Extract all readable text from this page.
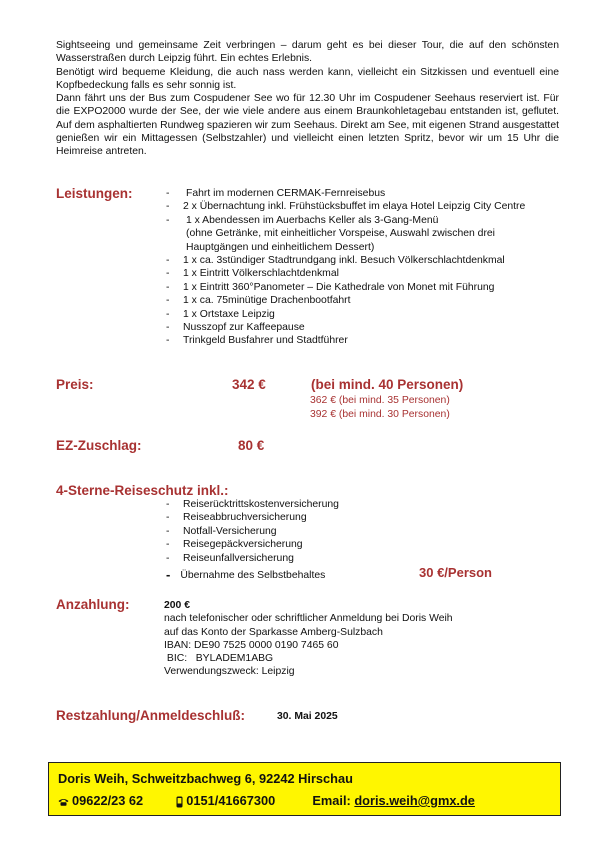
Sightseeing und gemeinsame Zeit verbringen – darum geht es bei dieser Tour, die auf den schönsten Wasserstraßen durch Leipzig führt. Ein echtes Erlebnis.

Benötigt wird bequeme Kleidung, die auch nass werden kann, vielleicht ein Sitzkissen und eventuell eine Kopfbedeckung falls es sehr sonnig ist.

Dann fährt uns der Bus zum Cospudener See wo für 12.30 Uhr im Cospudener Seehaus reserviert ist. Für die EXPO2000 wurde der See, der wie viele andere aus einem Braunkohletagebau entstanden ist, geflutet. Auf dem asphaltierten Rundweg spazieren wir zum Seehaus. Direkt am See, mit eigenen Strand ausgestattet genießen wir ein Mittagessen (Selbstzahler) und vielleicht einen letzten Spritz, bevor wir um 15 Uhr die Heimreise antreten.

Leistungen:	- Fahrt im modernen CERMAK-Fernreisebus
- 2 x Übernachtung inkl. Frühstücksbuffet im elaya Hotel Leipzig City Centre
- 1 x Abendessen im Auerbachs Keller als 3-Gang-Menü
(ohne Getränke, mit einheitlicher Vorspeise, Auswahl zwischen drei
Hauptgängen und einheitlichem Dessert)
- 1 x ca. 3stündiger Stadtrundgang inkl. Besuch Völkerschlachtdenkmal
- 1 x Eintritt Völkerschlachtdenkmal
- 1 x Eintritt 360°Panometer – Die Kathedrale von Monet mit Führung
- 1 x ca. 75minütige Drachenbootfahrt
- 1 x Ortstaxe Leipzig
- Nusszopf zur Kaffeepause
- Trinkgeld Busfahrer und Stadtführer
Preis:	342 €	(bei mind. 40 Personen)
362 € (bei mind. 35 Personen)
392 € (bei mind. 30 Personen)
EZ-Zuschlag:	80 €
4-Sterne-Reiseschutz inkl.:
- Reiserücktrittskostenversicherung
- Reiseabbruchversicherung
- Notfall-Versicherung
- Reisegepäckversicherung
- Reiseunfallversicherung
- Übernahme des Selbstbehaltes	30 €/Person
Anzahlung:	200 €
nach telefonischer oder schriftlicher Anmeldung bei Doris Weih
auf das Konto der Sparkasse Amberg-Sulzbach
IBAN: DE90 7525 0000 0190 7465 60
BIC:   BYLADEM1ABG
Verwendungszweck: Leipzig
Restzahlung/Anmeldeschluß:	30. Mai 2025
Doris Weih, Schweitzbachweg 6, 92242 Hirschau
09622/23 62	0151/41667300	Email: doris.weih@gmx.de
